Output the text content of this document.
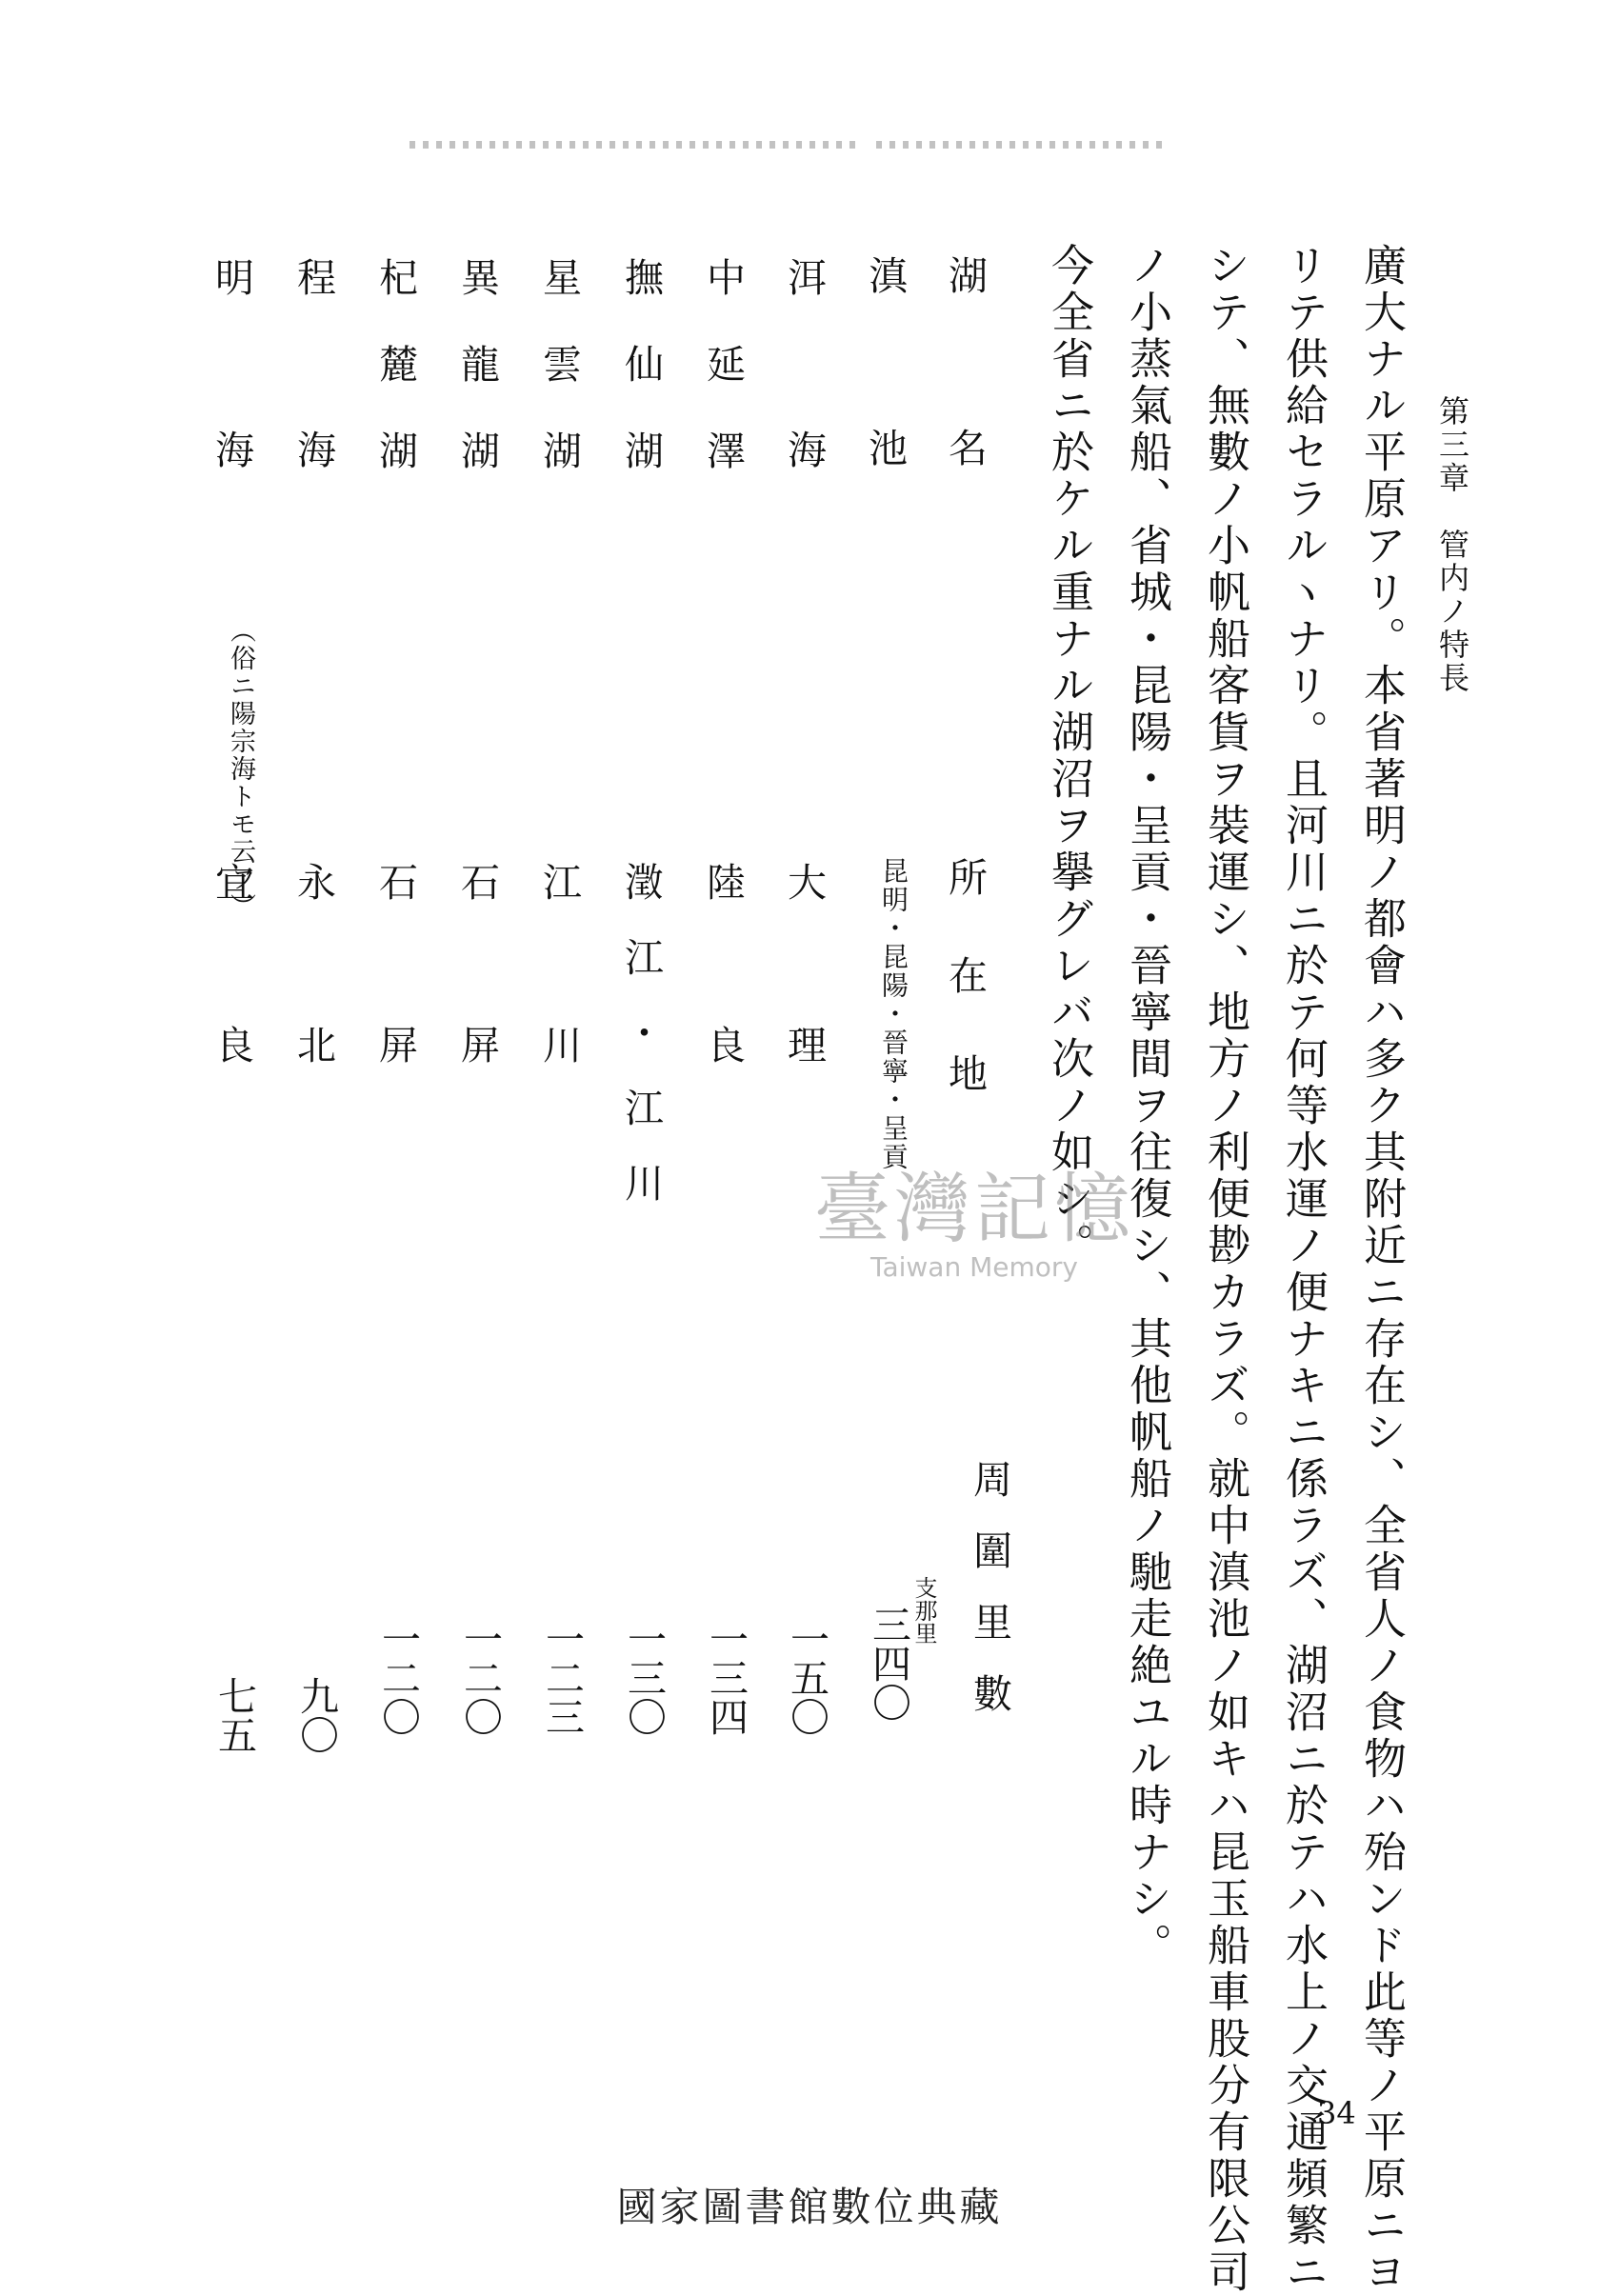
第三章　管内ノ特長
廣大ナル平原アリ。本省著明ノ都會ハ多ク其附近ニ存在シ、全省人ノ食物ハ殆ンド此等ノ平原ニヨ
リテ供給セラルヽナリ。且河川ニ於テ何等水運ノ便ナキニ係ラズ、湖沼ニ於テハ水上ノ交通頻繁ニ
シテ、無數ノ小帆船客貨ヲ裝運シ、地方ノ利便尠カラズ。就中滇池ノ如キハ昆玉船車股分有限公司
ノ小蒸氣船、省城・昆陽・呈貢・晉寧間ヲ往復シ、其他帆船ノ馳走絶ユル時ナシ。
今全省ニ於ケル重ナル湖沼ヲ擧グレバ次ノ如シ。
湖名
所在地
周圍里數
滇池
昆明・昆陽・晉寧・呈貢
支那里
三四〇
洱海
大理
一五〇
中延澤
陸良
一三四
撫仙湖
澂江・江川
一三〇
星雲湖
江川
一二三
異龍湖
石屏
一二〇
杞麓湖
石屏
一二〇
程海
永北
九〇
明海
（俗ニ陽宗海トモ云フ）
宜良
七五
臺灣記憶
Taiwan Memory
34
國家圖書館數位典藏
